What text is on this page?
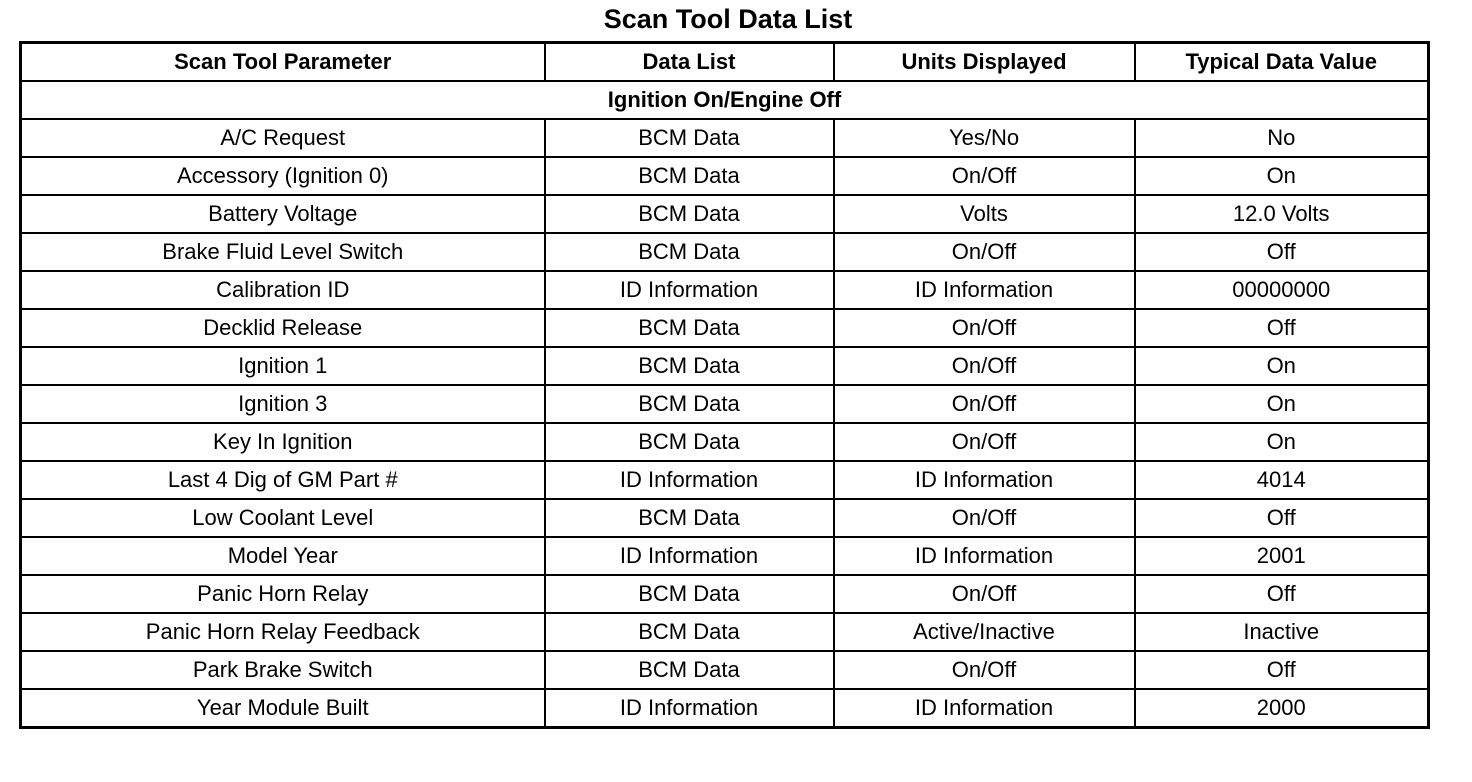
Scan Tool Data List
Scan Tool Parameter	Data List	Units Displayed	Typical Data Value
Ignition On/Engine Off			
A/C Request	BCM Data	Yes/No	No
Accessory (Ignition 0)	BCM Data	On/Off	On
Battery Voltage	BCM Data	Volts	12.0 Volts
Brake Fluid Level Switch	BCM Data	On/Off	Off
Calibration ID	ID Information	ID Information	00000000
Decklid Release	BCM Data	On/Off	Off
Ignition 1	BCM Data	On/Off	On
Ignition 3	BCM Data	On/Off	On
Key In Ignition	BCM Data	On/Off	On
Last 4 Dig of GM Part #	ID Information	ID Information	4014
Low Coolant Level	BCM Data	On/Off	Off
Model Year	ID Information	ID Information	2001
Panic Horn Relay	BCM Data	On/Off	Off
Panic Horn Relay Feedback	BCM Data	Active/Inactive	Inactive
Park Brake Switch	BCM Data	On/Off	Off
Year Module Built	ID Information	ID Information	2000
